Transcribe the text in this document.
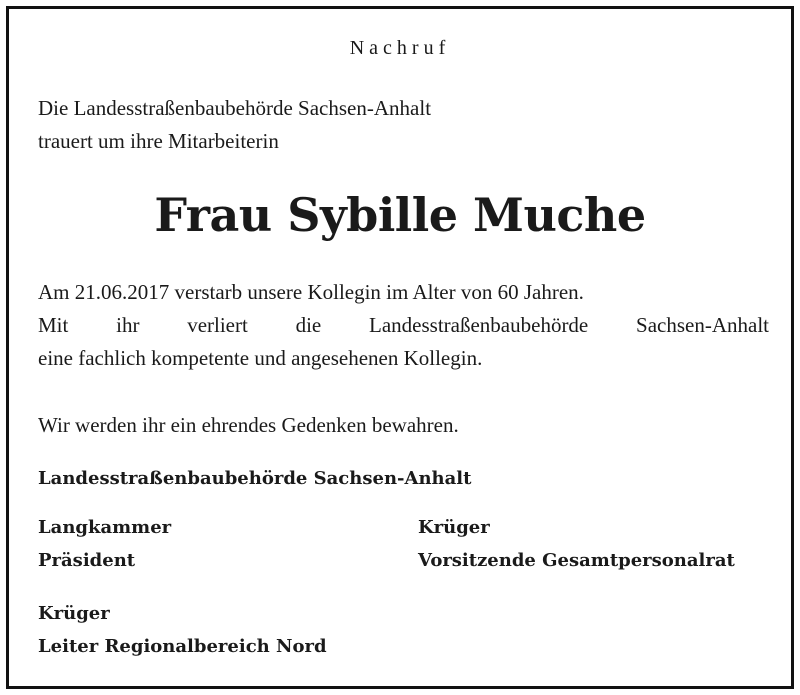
Nachruf
Die Landesstraßenbaubehörde Sachsen-Anhalt
trauert um ihre Mitarbeiterin
Frau Sybille Muche
Am 21.06.2017 verstarb unsere Kollegin im Alter von 60 Jahren.
Mit ihr verliert die Landesstraßenbaubehörde Sachsen-Anhalt
eine fachlich kompetente und angesehenen Kollegin.
Wir werden ihr ein ehrendes Gedenken bewahren.
Landesstraßenbaubehörde Sachsen-Anhalt
Langkammer
Präsident
Krüger
Vorsitzende Gesamtpersonalrat
Krüger
Leiter Regionalbereich Nord
